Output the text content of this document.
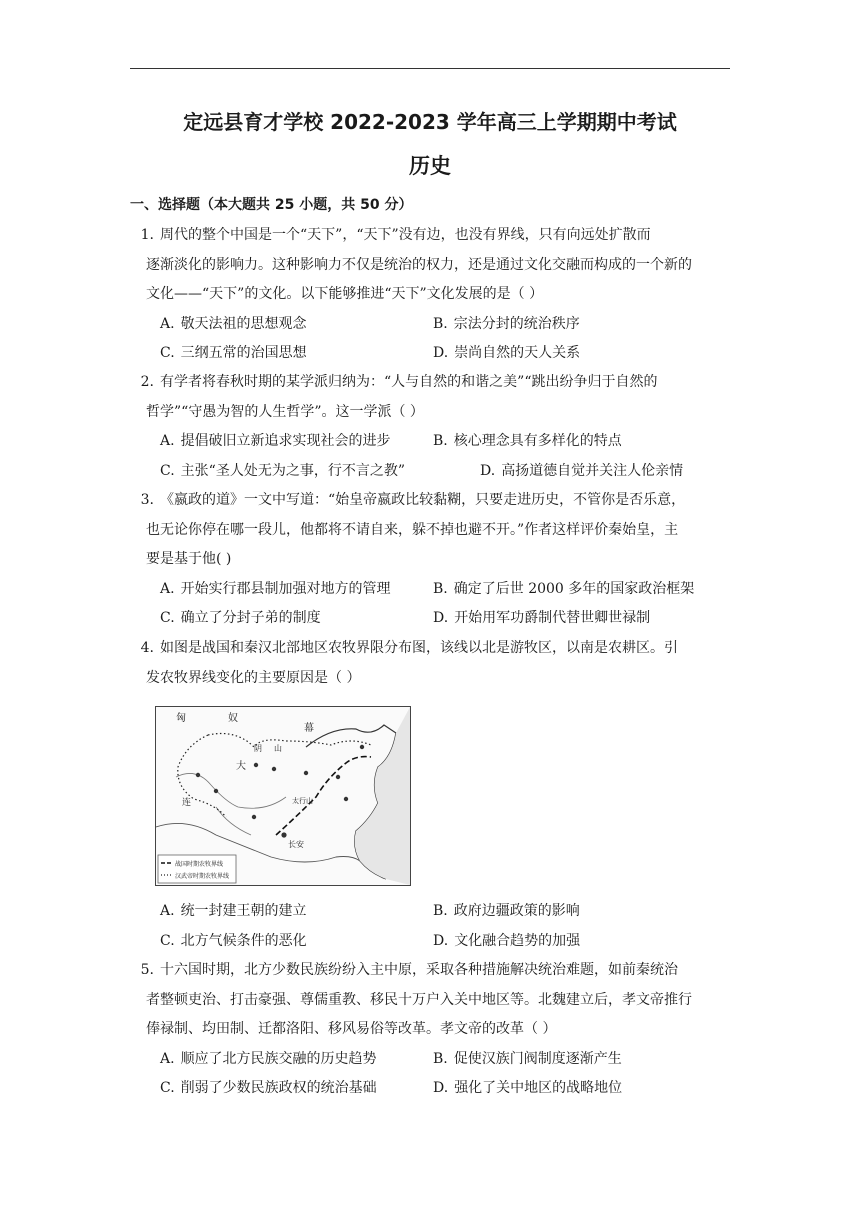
定远县育才学校 2022-2023 学年高三上学期期中考试
历史
一、选择题（本大题共 25 小题，共 50 分）
1. 周代的整个中国是一个“天下”，“天下”没有边，也没有界线，只有向远处扩散而
逐渐淡化的影响力。这种影响力不仅是统治的权力，还是通过文化交融而构成的一个新的
文化——“天下”的文化。以下能够推进“天下”文化发展的是（ ）
A. 敬天法祖的思想观念	B. 宗法分封的统治秩序
C. 三纲五常的治国思想	D. 崇尚自然的天人关系
2. 有学者将春秋时期的某学派归纳为：“人与自然的和谐之美”“跳出纷争归于自然的
哲学”“守愚为智的人生哲学”。这一学派（ ）
A. 提倡破旧立新追求实现社会的进步	B. 核心理念具有多样化的特点
C. 主张“圣人处无为之事，行不言之教”	D. 高扬道德自觉并关注人伦亲情
3. 《嬴政的道》一文中写道：“始皇帝嬴政比较黏糊，只要走进历史，不管你是否乐意，
也无论你停在哪一段儿，他都将不请自来，躲不掉也避不开。”作者这样评价秦始皇，主
要是基于他( )
A. 开始实行郡县制加强对地方的管理	B. 确定了后世 2000 多年的国家政治框架
C. 确立了分封子弟的制度	D. 开始用军功爵制代替世卿世禄制
4. 如图是战国和秦汉北部地区农牧界限分布图，该线以北是游牧区，以南是农耕区。引
发农牧界线变化的主要原因是（ ）
匈	奴
幕
大
阴 山
连	太行山
长安
战国时期农牧界线
汉武帝时期农牧界线
A. 统一封建王朝的建立	B. 政府边疆政策的影响
C. 北方气候条件的恶化	D. 文化融合趋势的加强
5. 十六国时期，北方少数民族纷纷入主中原，采取各种措施解决统治难题，如前秦统治
者整顿吏治、打击豪强、尊儒重教、移民十万户入关中地区等。北魏建立后，孝文帝推行
俸禄制、均田制、迁都洛阳、移风易俗等改革。孝文帝的改革（ ）
A. 顺应了北方民族交融的历史趋势	B. 促使汉族门阀制度逐渐产生
C. 削弱了少数民族政权的统治基础	D. 强化了关中地区的战略地位
